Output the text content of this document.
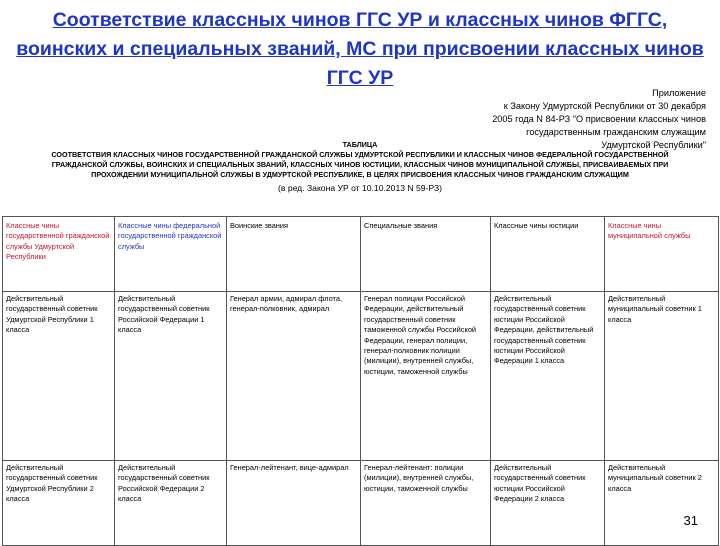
Соответствие классных чинов ГГС УР и классных чинов ФГГС, воинских и специальных званий, МС при присвоении классных чинов ГГС УР
Приложение
к Закону Удмуртской Республики от 30 декабря
2005 года N 84-РЗ "О присвоении классных чинов
государственным гражданским служащим
Удмуртской Республики"
ТАБЛИЦА
СООТВЕТСТВИЯ КЛАССНЫХ ЧИНОВ ГОСУДАРСТВЕННОЙ ГРАЖДАНСКОЙ СЛУЖБЫ УДМУРТСКОЙ РЕСПУБЛИКИ И КЛАССНЫХ ЧИНОВ ФЕДЕРАЛЬНОЙ ГОСУДАРСТВЕННОЙ ГРАЖДАНСКОЙ СЛУЖБЫ, ВОИНСКИХ И СПЕЦИАЛЬНЫХ ЗВАНИЙ, КЛАССНЫХ ЧИНОВ ЮСТИЦИИ, КЛАССНЫХ ЧИНОВ МУНИЦИПАЛЬНОЙ СЛУЖБЫ, ПРИСВАИВАЕМЫХ ПРИ ПРОХОЖДЕНИИ МУНИЦИПАЛЬНОЙ СЛУЖБЫ В УДМУРТСКОЙ РЕСПУБЛИКЕ, В ЦЕЛЯХ ПРИСВОЕНИЯ КЛАССНЫХ ЧИНОВ ГРАЖДАНСКИМ СЛУЖАЩИМ
(в ред. Закона УР от 10.10.2013 N 59-РЗ)
Классные чины государственной гражданской службы Удмуртской Республики	Классные чины федеральной государственной гражданской службы	Воинские звания	Специальные звания	Классные чины юстиции	Классные чины муниципальной службы
Действительный государственный советник Удмуртской Республики 1 класса	Действительный государственный советник Российской Федерации 1 класса	Генерал армии, адмирал флота, генерал-полковник, адмирал	Генерал полиции Российской Федерации, действительный государственный советник таможенной службы Российской Федерации, генерал полиции, генерал-полковник полиции (милиции), внутренней службы, юстиции, таможенной службы	Действительный государственный советник юстиции Российской Федерации, действительный государственный советник юстиции Российской Федерации 1 класса	Действительный муниципальный советник 1 класса
Действительный государственный советник Удмуртской Республики 2 класса	Действительный государственный советник Российской Федерации 2 класса	Генерал-лейтенант, вице-адмирал	Генерал-лейтенант: полиции (милиции), внутренней службы, юстиции, таможенной службы	Действительный государственный советник юстиции Российской Федерации 2 класса	Действительный муниципальный советник 2 класса
31
